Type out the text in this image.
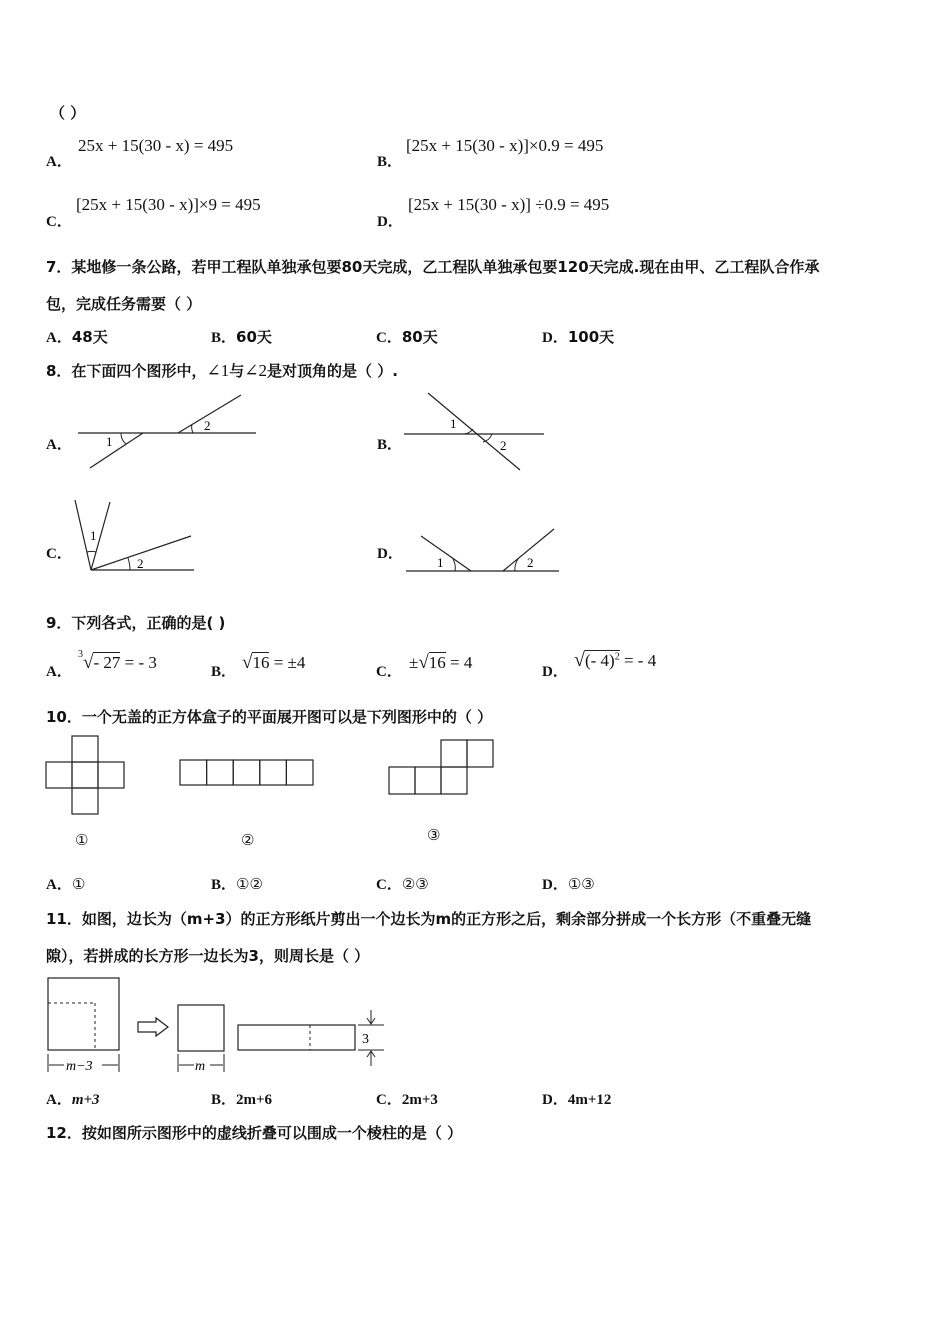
（ ）
A．
25x + 15(30 - x) = 495
B．
[25x + 15(30 - x)]×0.9 = 495
C．
[25x + 15(30 - x)]×9 = 495
D．
[25x + 15(30 - x)] ÷0.9 = 495
7．某地修一条公路，若甲工程队单独承包要80天完成，乙工程队单独承包要120天完成.现在由甲、乙工程队合作承
包，完成任务需要（ ）
A．48天	B．60天	C．80天	D．100天
8．在下面四个图形中，∠1与∠2是对顶角的是（ ）.
A．	1
2
B．
1
2
C．
1
2
D．
1	2
9．下列各式，正确的是( )
A．
$^3$√- 27 = - 3	B． √16 = ±4	C． ±√16 = 4	D．
√(- 4)$^2$ = - 4
10．一个无盖的正方体盒子的平面展开图可以是下列图形中的（ ）
①	②	③
A．①	B．①②	C．②③	D．①③
11．如图，边长为（m+3）的正方形纸片剪出一个边长为m的正方形之后，剩余部分拼成一个长方形（不重叠无缝
隙），若拼成的长方形一边长为3，则周长是（ ）
m−3	m
3
A．m+3	B．2m+6	C．2m+3	D．4m+12
12．按如图所示图形中的虚线折叠可以围成一个棱柱的是（ ）
